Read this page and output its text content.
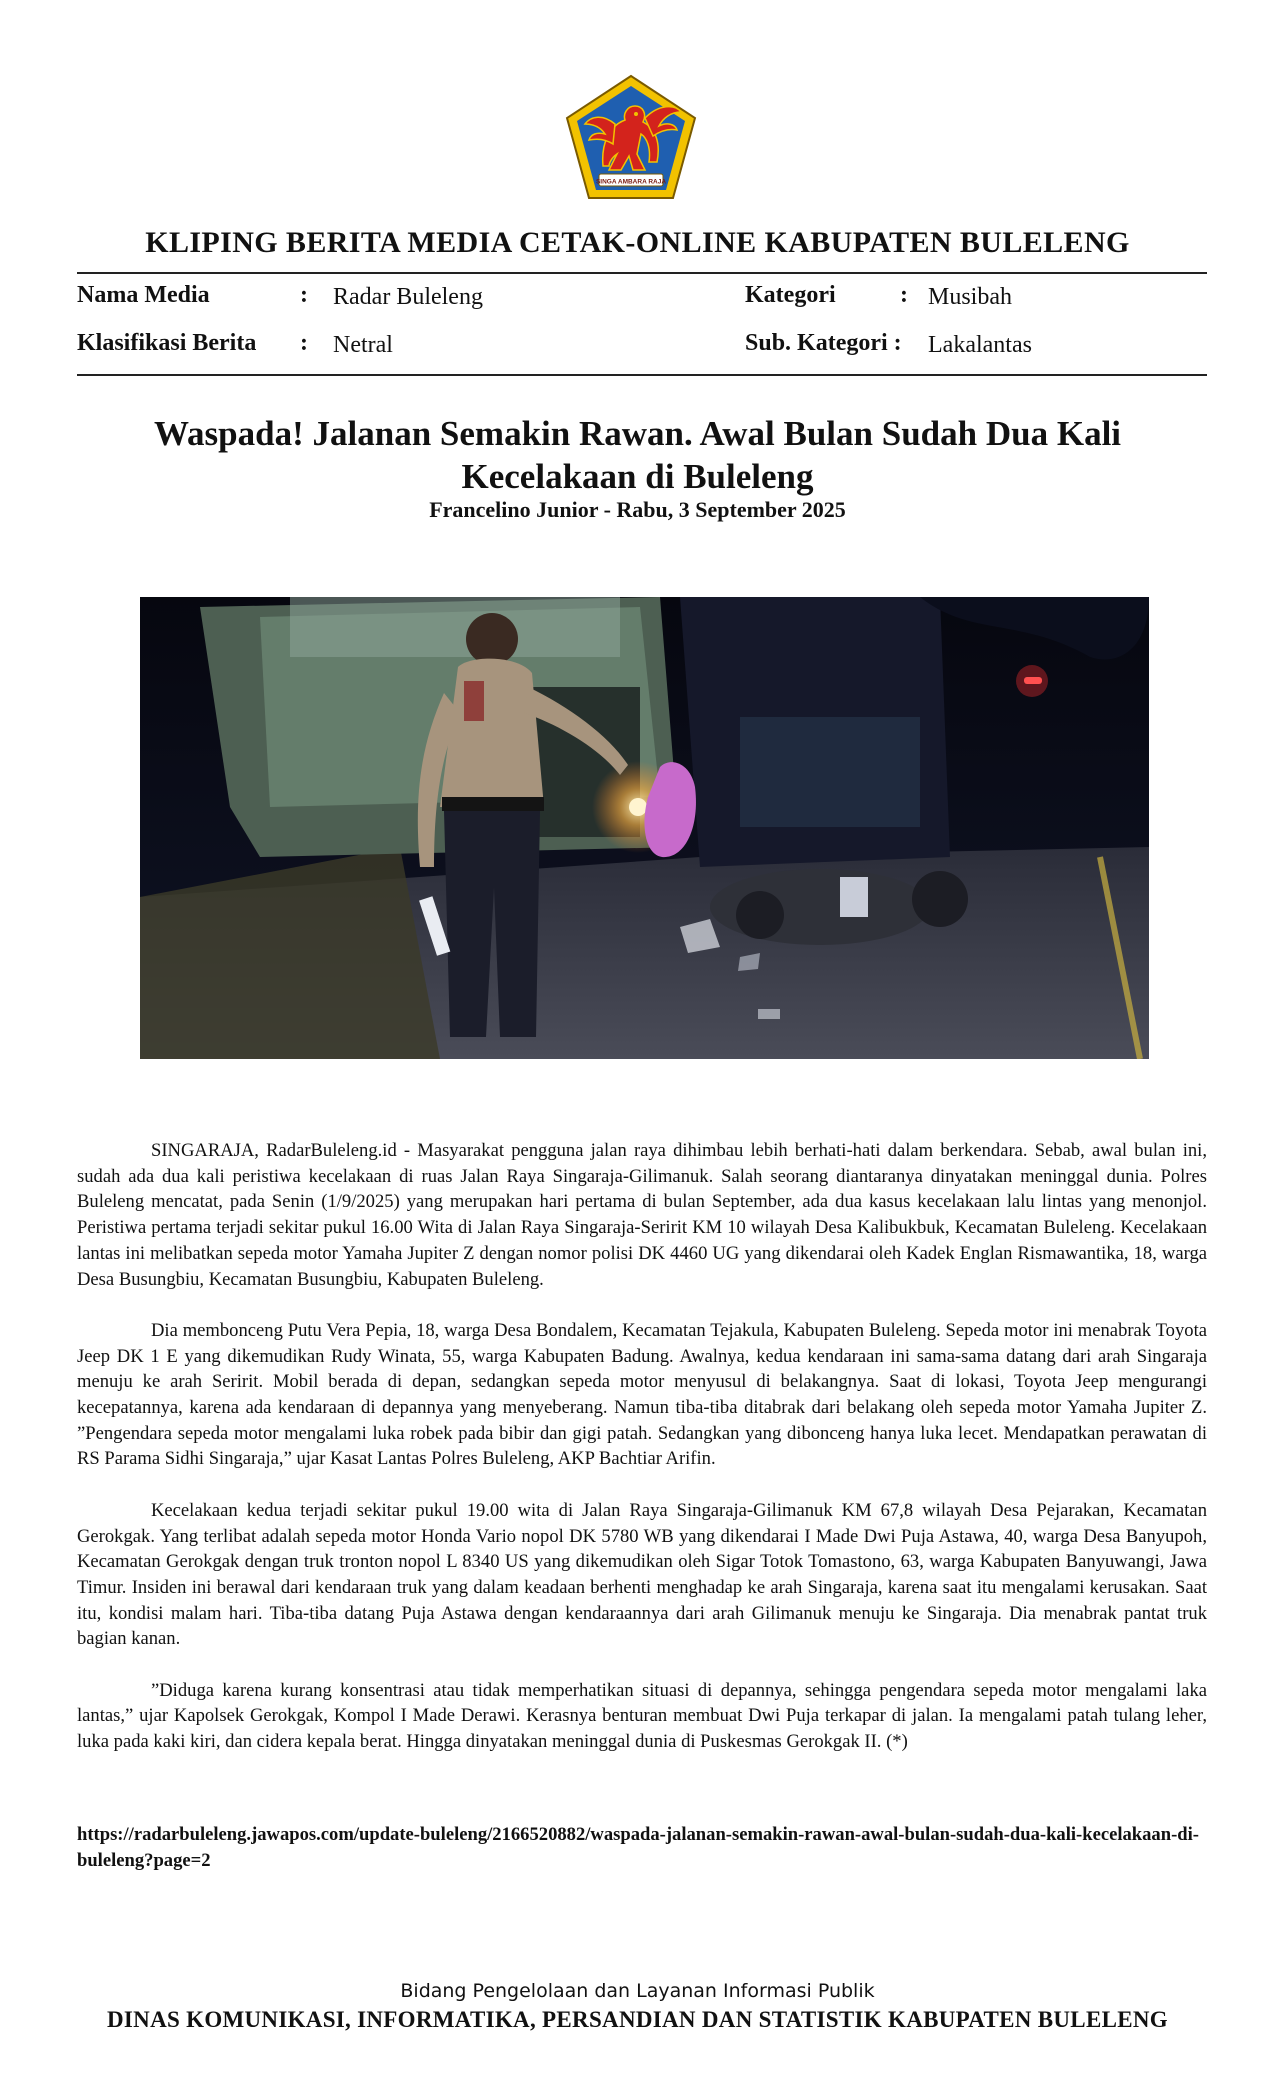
SINGA AMBARA RAJA
KLIPING BERITA MEDIA CETAK-ONLINE KABUPATEN BULELENG
Nama Media	: Radar Buleleng	Kategori	: Musibah
Klasifikasi Berita : Netral	Sub. Kategori : Lakalantas
Waspada! Jalanan Semakin Rawan. Awal Bulan Sudah Dua Kali Kecelakaan di Buleleng
Francelino Junior - Rabu, 3 September 2025

SINGARAJA, RadarBuleleng.id - Masyarakat pengguna jalan raya dihimbau lebih berhati-hati dalam berkendara. Sebab, awal bulan ini, sudah ada dua kali peristiwa kecelakaan di ruas Jalan Raya Singaraja-Gilimanuk. Salah seorang diantaranya dinyatakan meninggal dunia. Polres Buleleng mencatat, pada Senin (1/9/2025) yang merupakan hari pertama di bulan September, ada dua kasus kecelakaan lalu lintas yang menonjol. Peristiwa pertama terjadi sekitar pukul 16.00 Wita di Jalan Raya Singaraja-Seririt KM 10 wilayah Desa Kalibukbuk, Kecamatan Buleleng. Kecelakaan lantas ini melibatkan sepeda motor Yamaha Jupiter Z dengan nomor polisi DK 4460 UG yang dikendarai oleh Kadek Englan Rismawantika, 18, warga Desa Busungbiu, Kecamatan Busungbiu, Kabupaten Buleleng.

Dia membonceng Putu Vera Pepia, 18, warga Desa Bondalem, Kecamatan Tejakula, Kabupaten Buleleng. Sepeda motor ini menabrak Toyota Jeep DK 1 E yang dikemudikan Rudy Winata, 55, warga Kabupaten Badung. Awalnya, kedua kendaraan ini sama-sama datang dari arah Singaraja menuju ke arah Seririt. Mobil berada di depan, sedangkan sepeda motor menyusul di belakangnya. Saat di lokasi, Toyota Jeep mengurangi kecepatannya, karena ada kendaraan di depannya yang menyeberang. Namun tiba-tiba ditabrak dari belakang oleh sepeda motor Yamaha Jupiter Z. ”Pengendara sepeda motor mengalami luka robek pada bibir dan gigi patah. Sedangkan yang dibonceng hanya luka lecet. Mendapatkan perawatan di RS Parama Sidhi Singaraja,” ujar Kasat Lantas Polres Buleleng, AKP Bachtiar Arifin.

Kecelakaan kedua terjadi sekitar pukul 19.00 wita di Jalan Raya Singaraja-Gilimanuk KM 67,8 wilayah Desa Pejarakan, Kecamatan Gerokgak. Yang terlibat adalah sepeda motor Honda Vario nopol DK 5780 WB yang dikendarai I Made Dwi Puja Astawa, 40, warga Desa Banyupoh, Kecamatan Gerokgak dengan truk tronton nopol L 8340 US yang dikemudikan oleh Sigar Totok Tomastono, 63, warga Kabupaten Banyuwangi, Jawa Timur. Insiden ini berawal dari kendaraan truk yang dalam keadaan berhenti menghadap ke arah Singaraja, karena saat itu mengalami kerusakan. Saat itu, kondisi malam hari. Tiba-tiba datang Puja Astawa dengan kendaraannya dari arah Gilimanuk menuju ke Singaraja. Dia menabrak pantat truk bagian kanan.

”Diduga karena kurang konsentrasi atau tidak memperhatikan situasi di depannya, sehingga pengendara sepeda motor mengalami laka lantas,” ujar Kapolsek Gerokgak, Kompol I Made Derawi. Kerasnya benturan membuat Dwi Puja terkapar di jalan. Ia mengalami patah tulang leher, luka pada kaki kiri, dan cidera kepala berat. Hingga dinyatakan meninggal dunia di Puskesmas Gerokgak II. (*)

https://radarbuleleng.jawapos.com/update-buleleng/2166520882/waspada-jalanan-semakin-rawan-awal-bulan-sudah-dua-kali-kecelakaan-di-buleleng?page=2
Bidang Pengelolaan dan Layanan Informasi Publik
DINAS KOMUNIKASI, INFORMATIKA, PERSANDIAN DAN STATISTIK KABUPATEN BULELENG
